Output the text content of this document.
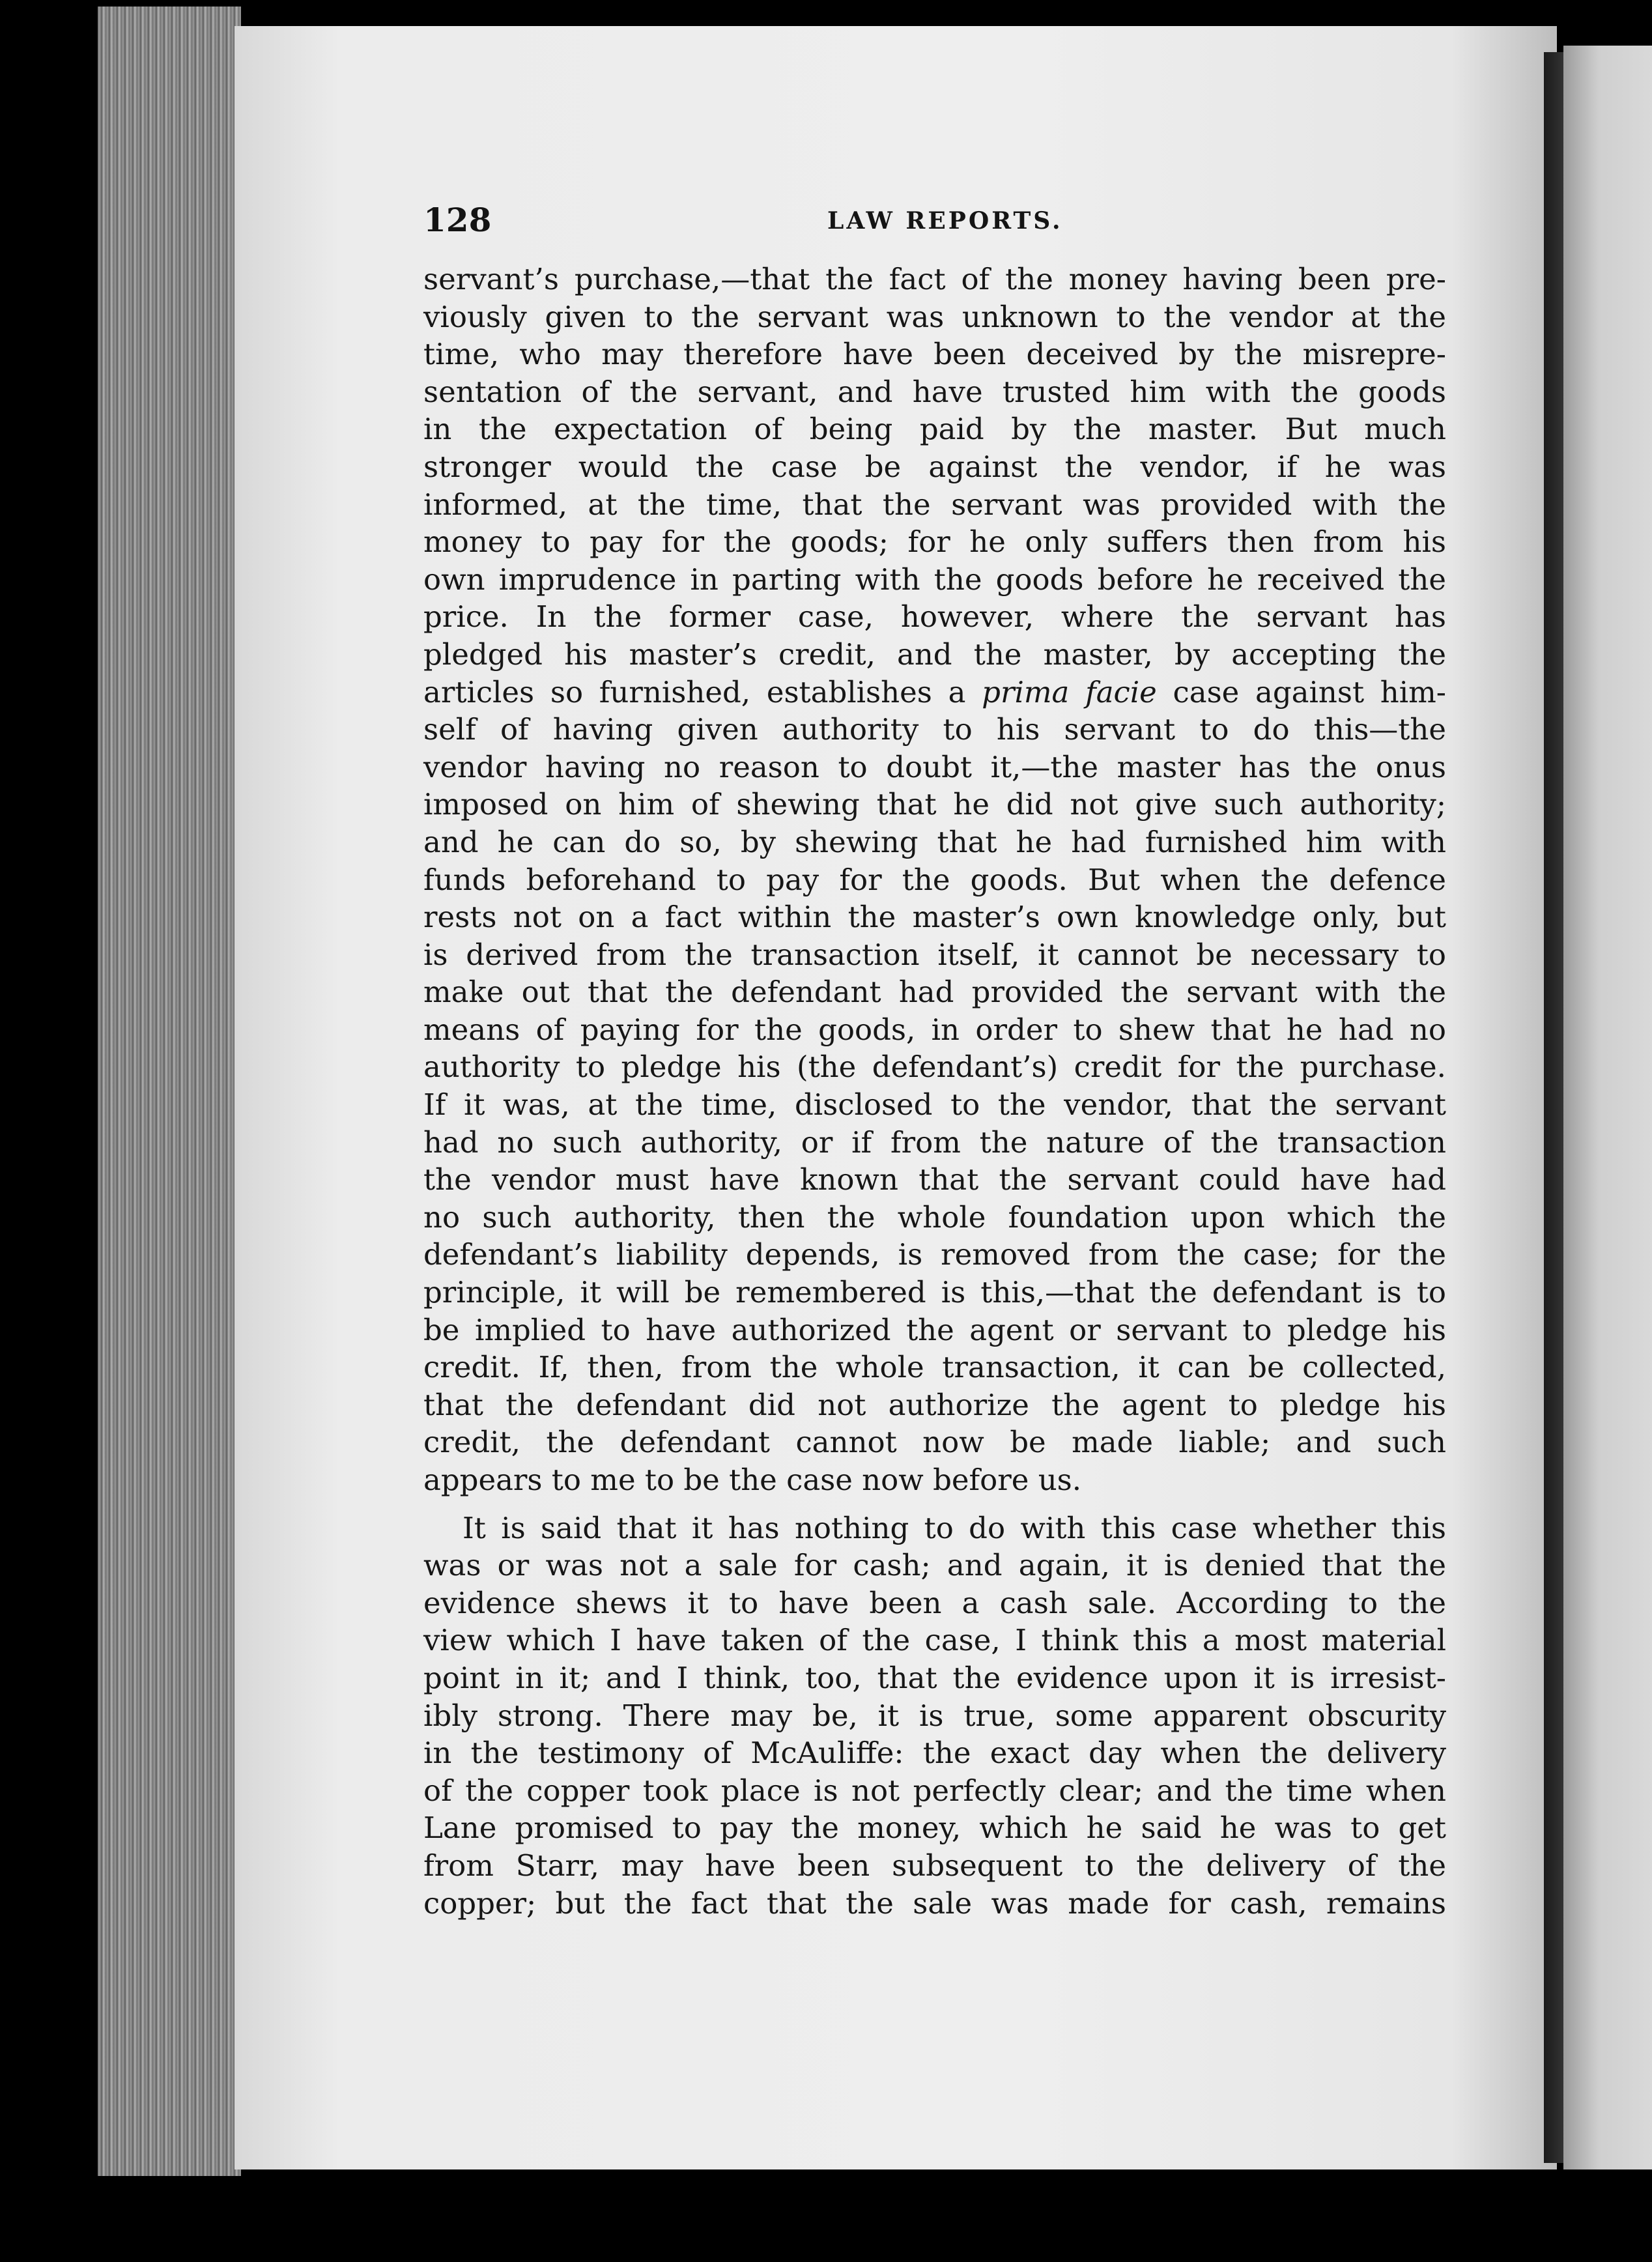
128	LAW REPORTS.
servant’s purchase,—that the fact of the money having been pre-
viously given to the servant was unknown to the vendor at the
time, who may therefore have been deceived by the misrepre-
sentation of the servant, and have trusted him with the goods
in the expectation of being paid by the master. But much
stronger would the case be against the vendor, if he was
informed, at the time, that the servant was provided with the
money to pay for the goods; for he only suffers then from his
own imprudence in parting with the goods before he received the
price. In the former case, however, where the servant has
pledged his master’s credit, and the master, by accepting the
articles so furnished, establishes a prima facie case against him-
self of having given authority to his servant to do this—the
vendor having no reason to doubt it,—the master has the onus
imposed on him of shewing that he did not give such authority;
and he can do so, by shewing that he had furnished him with
funds beforehand to pay for the goods. But when the defence
rests not on a fact within the master’s own knowledge only, but
is derived from the transaction itself, it cannot be necessary to
make out that the defendant had provided the servant with the
means of paying for the goods, in order to shew that he had no
authority to pledge his (the defendant’s) credit for the purchase.
If it was, at the time, disclosed to the vendor, that the servant
had no such authority, or if from the nature of the transaction
the vendor must have known that the servant could have had
no such authority, then the whole foundation upon which the
defendant’s liability depends, is removed from the case; for the
principle, it will be remembered is this,—that the defendant is to
be implied to have authorized the agent or servant to pledge his
credit. If, then, from the whole transaction, it can be collected,
that the defendant did not authorize the agent to pledge his
credit, the defendant cannot now be made liable; and such
appears to me to be the case now before us.
It is said that it has nothing to do with this case whether this
was or was not a sale for cash; and again, it is denied that the
evidence shews it to have been a cash sale. According to the
view which I have taken of the case, I think this a most material
point in it; and I think, too, that the evidence upon it is irresist-
ibly strong. There may be, it is true, some apparent obscurity
in the testimony of McAuliffe: the exact day when the delivery
of the copper took place is not perfectly clear; and the time when
Lane promised to pay the money, which he said he was to get
from Starr, may have been subsequent to the delivery of the
copper; but the fact that the sale was made for cash, remains
